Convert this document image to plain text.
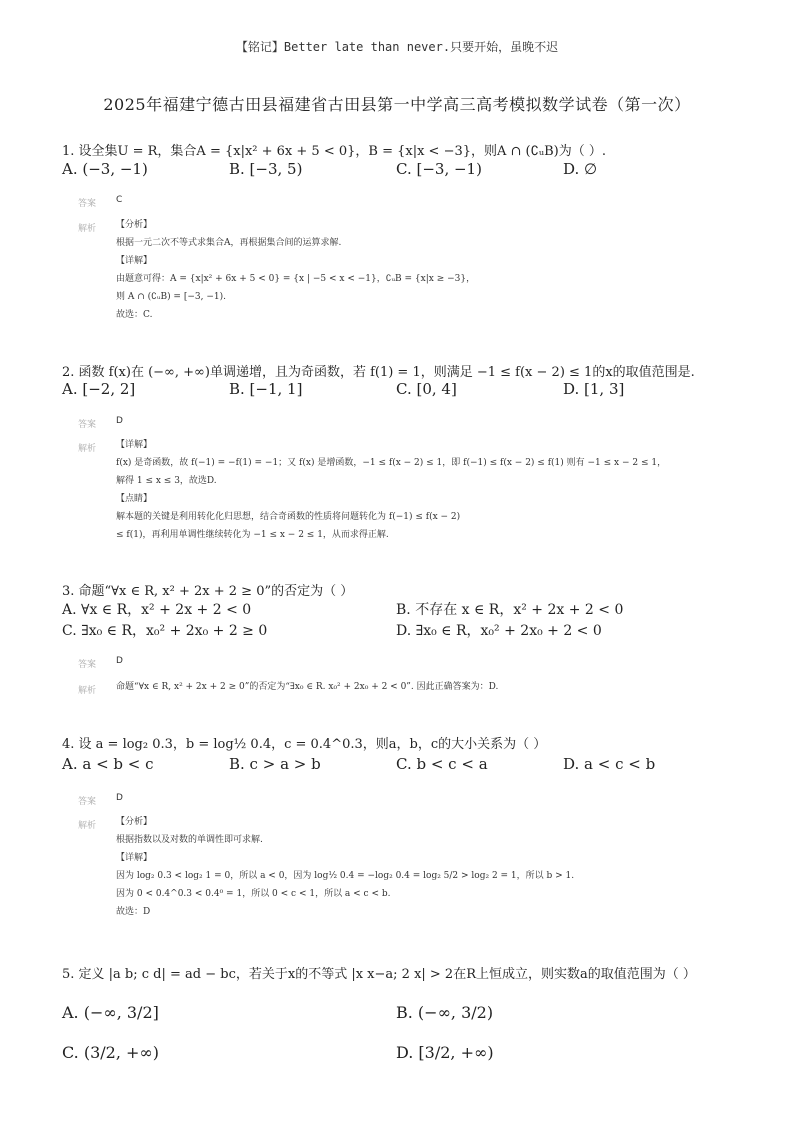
【铭记】Better late than never.只要开始，虽晚不迟
2025年福建宁德古田县福建省古田县第一中学高三高考模拟数学试卷（第一次）
1. 设全集U = R，集合A = {x|x² + 6x + 5 < 0}，B = {x|x < −3}，则A ∩ (∁ᵤB)为（ ）.
A. (−3, −1)	B. [−3, 5)	C. [−3, −1)	D. ∅
答案 C
解析 【分析】
根据一元二次不等式求集合A，再根据集合间的运算求解.
【详解】
由题意可得：A = {x|x² + 6x + 5 < 0} = {x | −5 < x < −1}，∁ᵤB = {x|x ≥ −3}，
则 A ∩ (∁ᵤB) = [−3, −1).
故选：C.
2. 函数 f(x)在 (−∞, +∞)单调递增，且为奇函数，若 f(1) = 1，则满足 −1 ≤ f(x − 2) ≤ 1的x的取值范围是.
A. [−2, 2]	B. [−1, 1]	C. [0, 4]	D. [1, 3]
答案 D
解析 【详解】
f(x) 是奇函数，故 f(−1) = −f(1) = −1；又 f(x) 是增函数，−1 ≤ f(x − 2) ≤ 1，即 f(−1) ≤ f(x − 2) ≤ f(1) 则有 −1 ≤ x − 2 ≤ 1，
解得 1 ≤ x ≤ 3，故选D.
【点睛】
解本题的关键是利用转化化归思想，结合奇函数的性质将问题转化为 f(−1) ≤ f(x − 2)
≤ f(1)，再利用单调性继续转化为 −1 ≤ x − 2 ≤ 1，从而求得正解.
3. 命题“∀x ∈ R, x² + 2x + 2 ≥ 0”的否定为（ ）
A. ∀x ∈ R，x² + 2x + 2 < 0	B. 不存在 x ∈ R，x² + 2x + 2 < 0
C. ∃x₀ ∈ R，x₀² + 2x₀ + 2 ≥ 0	D. ∃x₀ ∈ R，x₀² + 2x₀ + 2 < 0
答案 D
解析 命题“∀x ∈ R, x² + 2x + 2 ≥ 0”的否定为“∃x₀ ∈ R. x₀² + 2x₀ + 2 < 0”. 因此正确答案为：D.
4. 设 a = log₂ 0.3，b = log½ 0.4，c = 0.4^0.3，则a，b，c的大小关系为（ ）
A. a < b < c	B. c > a > b	C. b < c < a	D. a < c < b
答案 D
解析 【分析】
根据指数以及对数的单调性即可求解.
【详解】
因为 log₂ 0.3 < log₂ 1 = 0，所以 a < 0，因为 log½ 0.4 = −log₂ 0.4 = log₂ 5/2 > log₂ 2 = 1，所以 b > 1.
因为 0 < 0.4^0.3 < 0.4⁰ = 1，所以 0 < c < 1，所以 a < c < b.
故选：D
5. 定义 |a b; c d| = ad − bc，若关于x的不等式 |x x−a; 2 x| > 2在R上恒成立，则实数a的取值范围为（ ）
A. (−∞, 3/2]	B. (−∞, 3/2)
C. (3/2, +∞)	D. [3/2, +∞)
